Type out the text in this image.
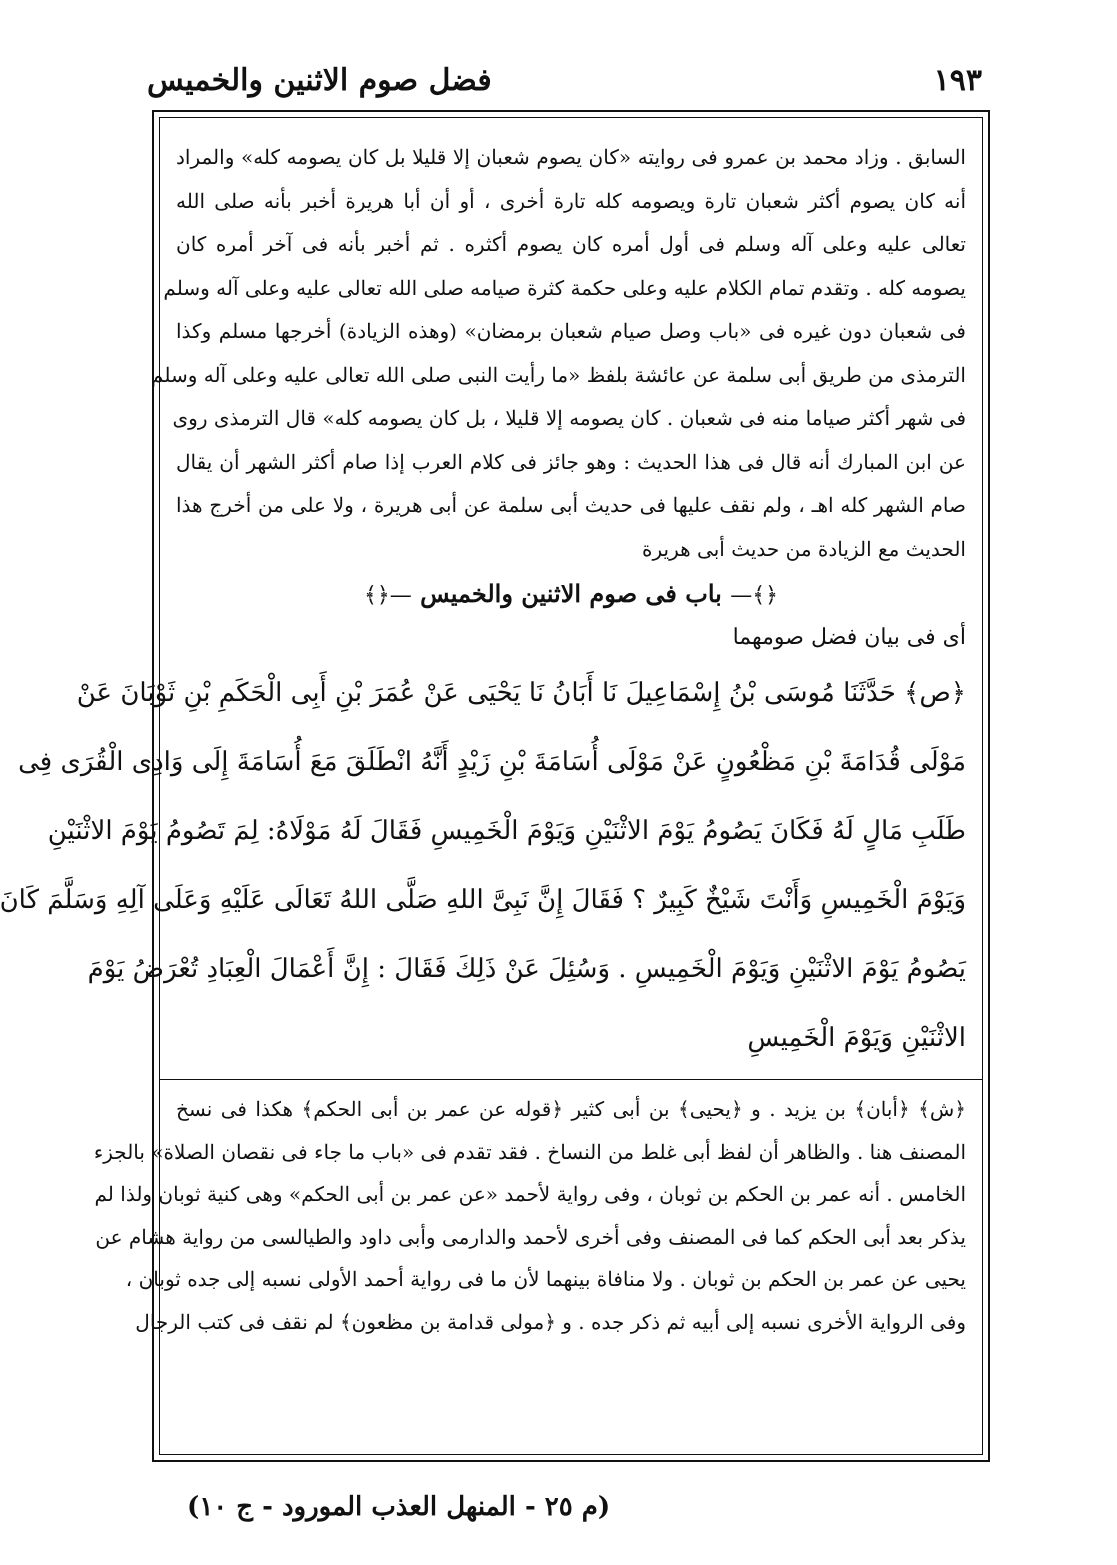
١٩٣
فضل صوم الاثنين والخميس

السابق . وزاد محمد بن عمرو فى روايته «كان يصوم شعبان إلا قليلا بل كان يصومه كله» والمراد

أنه كان يصوم أكثر شعبان تارة ويصومه كله تارة أخرى ، أو أن أبا هريرة أخبر بأنه صلى الله

تعالى عليه وعلى آله وسلم فى أول أمره كان يصوم أكثره . ثم أخبر بأنه فى آخر أمره كان

يصومه كله . وتقدم تمام الكلام عليه وعلى حكمة كثرة صيامه صلى الله تعالى عليه وعلى آله وسلم

فى شعبان دون غيره فى «باب وصل صيام شعبان برمضان» (وهذه الزيادة) أخرجها مسلم وكذا

الترمذى من طريق أبى سلمة عن عائشة بلفظ «ما رأيت النبى صلى الله تعالى عليه وعلى آله وسلم

فى شهر أكثر صياما منه فى شعبان . كان يصومه إلا قليلا ، بل كان يصومه كله» قال الترمذى روى

عن ابن المبارك أنه قال فى هذا الحديث : وهو جائز فى كلام العرب إذا صام أكثر الشهر أن يقال

صام الشهر كله اهـ ، ولم نقف عليها فى حديث أبى سلمة عن أبى هريرة ، ولا على من أخرج هذا

الحديث مع الزيادة من حديث أبى هريرة

﴿﴾— باب فى صوم الاثنين والخميس —﴿﴾

أى فى بيان فضل صومهما

﴿ص﴾ حَدَّثَنَا مُوسَى بْنُ إِسْمَاعِيلَ نَا أَبَانُ نَا يَحْيَى عَنْ عُمَرَ بْنِ أَبِى الْحَكَمِ بْنِ ثَوْبَانَ عَنْ

مَوْلَى قُدَامَةَ بْنِ مَظْعُونٍ عَنْ مَوْلَى أُسَامَةَ بْنِ زَيْدٍ أَنَّهُ انْطَلَقَ مَعَ أُسَامَةَ إِلَى وَادِى الْقُرَى فِى

طَلَبِ مَالٍ لَهُ فَكَانَ يَصُومُ يَوْمَ الاثْنَيْنِ وَيَوْمَ الْخَمِيسِ فَقَالَ لَهُ مَوْلَاهُ: لِمَ تَصُومُ يَوْمَ الاثْنَيْنِ

وَيَوْمَ الْخَمِيسِ وَأَنْتَ شَيْخٌ كَبِيرٌ ؟ فَقَالَ إِنَّ نَبِىَّ اللهِ صَلَّى اللهُ تَعَالَى عَلَيْهِ وَعَلَى آلِهِ وَسَلَّمَ كَانَ

يَصُومُ يَوْمَ الاثْنَيْنِ وَيَوْمَ الْخَمِيسِ . وَسُئِلَ عَنْ ذَلِكَ فَقَالَ : إِنَّ أَعْمَالَ الْعِبَادِ تُعْرَضُ يَوْمَ

الاثْنَيْنِ وَيَوْمَ الْخَمِيسِ

﴿ش﴾ ﴿أبان﴾ بن يزيد . و ﴿يحيى﴾ بن أبى كثير ﴿قوله عن عمر بن أبى الحكم﴾ هكذا فى نسخ

المصنف هنا . والظاهر أن لفظ أبى غلط من النساخ . فقد تقدم فى «باب ما جاء فى نقصان الصلاة» بالجزء

الخامس . أنه عمر بن الحكم بن ثوبان ، وفى رواية لأحمد «عن عمر بن أبى الحكم» وهى كنية ثوبان ولذا لم

يذكر بعد أبى الحكم كما فى المصنف وفى أخرى لأحمد والدارمى وأبى داود والطيالسى من رواية هشام عن

يحيى عن عمر بن الحكم بن ثوبان . ولا منافاة بينهما لأن ما فى رواية أحمد الأولى نسبه إلى جده ثوبان ،

وفى الرواية الأخرى نسبه إلى أبيه ثم ذكر جده . و ﴿مولى قدامة بن مظعون﴾ لم نقف فى كتب الرجال

(م ٢٥ - المنهل العذب المورود - ج ١٠)
